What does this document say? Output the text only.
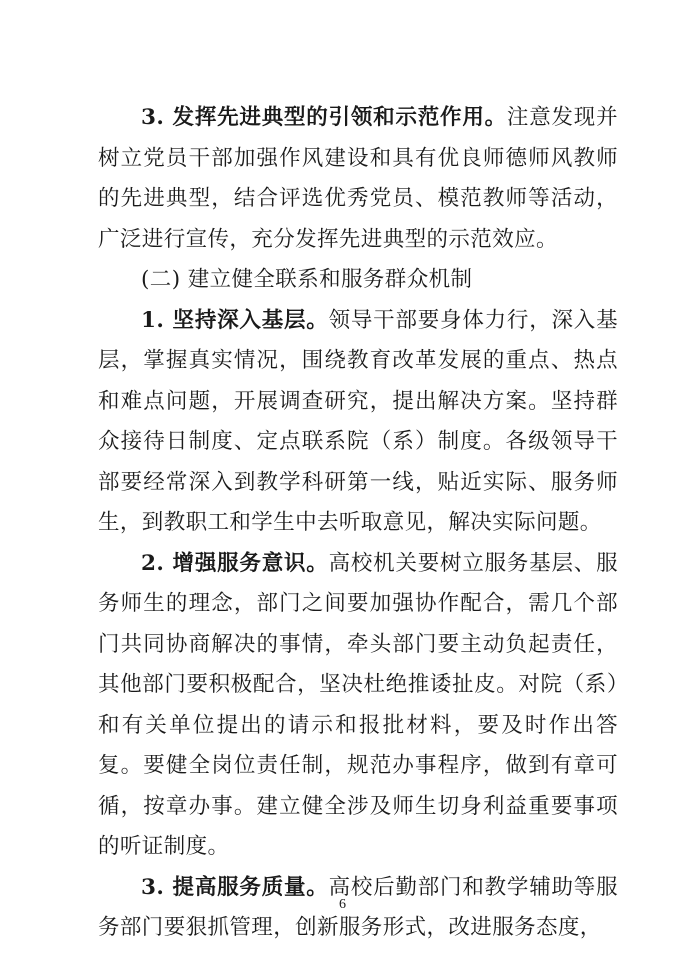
3. 发挥先进典型的引领和示范作用。注意发现并树立党员干部加强作风建设和具有优良师德师风教师的先进典型，结合评选优秀党员、模范教师等活动，广泛进行宣传，充分发挥先进典型的示范效应。

(二) 建立健全联系和服务群众机制

1. 坚持深入基层。领导干部要身体力行，深入基层，掌握真实情况，围绕教育改革发展的重点、热点和难点问题，开展调查研究，提出解决方案。坚持群众接待日制度、定点联系院（系）制度。各级领导干部要经常深入到教学科研第一线，贴近实际、服务师生，到教职工和学生中去听取意见，解决实际问题。

2. 增强服务意识。高校机关要树立服务基层、服务师生的理念，部门之间要加强协作配合，需几个部门共同协商解决的事情，牵头部门要主动负起责任，其他部门要积极配合，坚决杜绝推诿扯皮。对院（系）和有关单位提出的请示和报批材料，要及时作出答复。要健全岗位责任制，规范办事程序，做到有章可循，按章办事。建立健全涉及师生切身利益重要事项的听证制度。

3. 提高服务质量。高校后勤部门和教学辅助等服务部门要狠抓管理，创新服务形式，改进服务态度，

6
